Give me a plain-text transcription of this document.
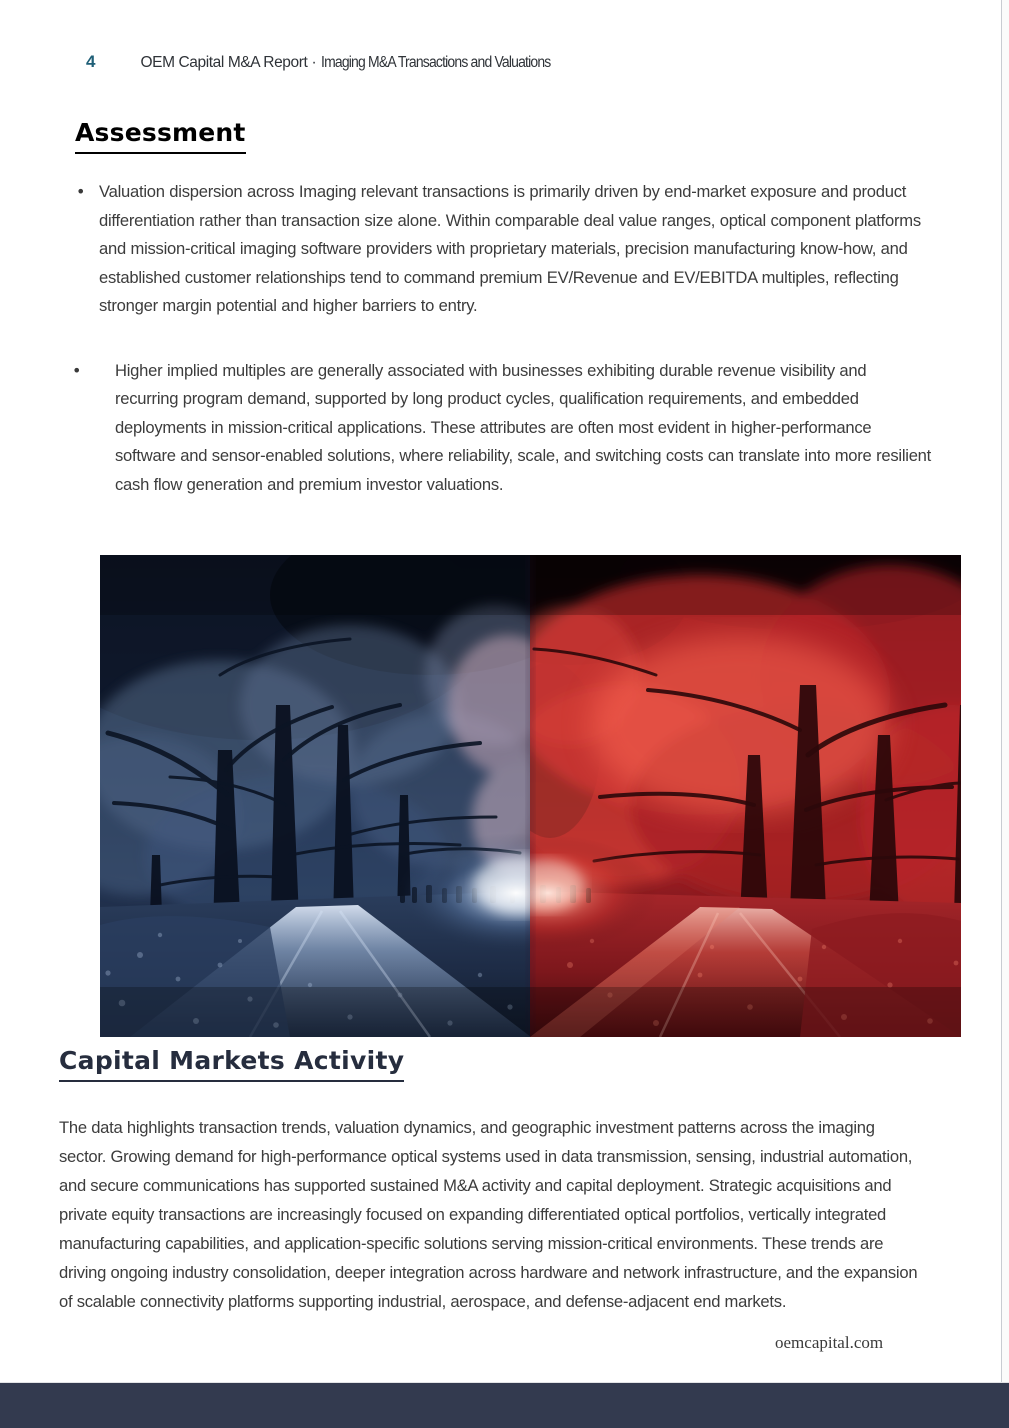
4	OEM Capital M&A Report · Imaging M&A Transactions and Valuations
Assessment
• Valuation dispersion across Imaging relevant transactions is primarily driven by end-market exposure and product differentiation rather than transaction size alone. Within comparable deal value ranges, optical component platforms and mission-critical imaging software providers with proprietary materials, precision manufacturing know-how, and established customer relationships tend to command premium EV/Revenue and EV/EBITDA multiples, reflecting stronger margin potential and higher barriers to entry.
•	Higher implied multiples are generally associated with businesses exhibiting durable revenue visibility and recurring program demand, supported by long product cycles, qualification requirements, and embedded deployments in mission-critical applications. These attributes are often most evident in higher-performance software and sensor-enabled solutions, where reliability, scale, and switching costs can translate into more resilient cash flow generation and premium investor valuations.
Capital Markets Activity

The data highlights transaction trends, valuation dynamics, and geographic investment patterns across the imaging sector. Growing demand for high-performance optical systems used in data transmission, sensing, industrial automation, and secure communications has supported sustained M&A activity and capital deployment. Strategic acquisitions and private equity transactions are increasingly focused on expanding differentiated optical portfolios, vertically integrated manufacturing capabilities, and application-specific solutions serving mission-critical environments. These trends are driving ongoing industry consolidation, deeper integration across hardware and network infrastructure, and the expansion of scalable connectivity platforms supporting industrial, aerospace, and defense-adjacent end markets.

oemcapital.com
